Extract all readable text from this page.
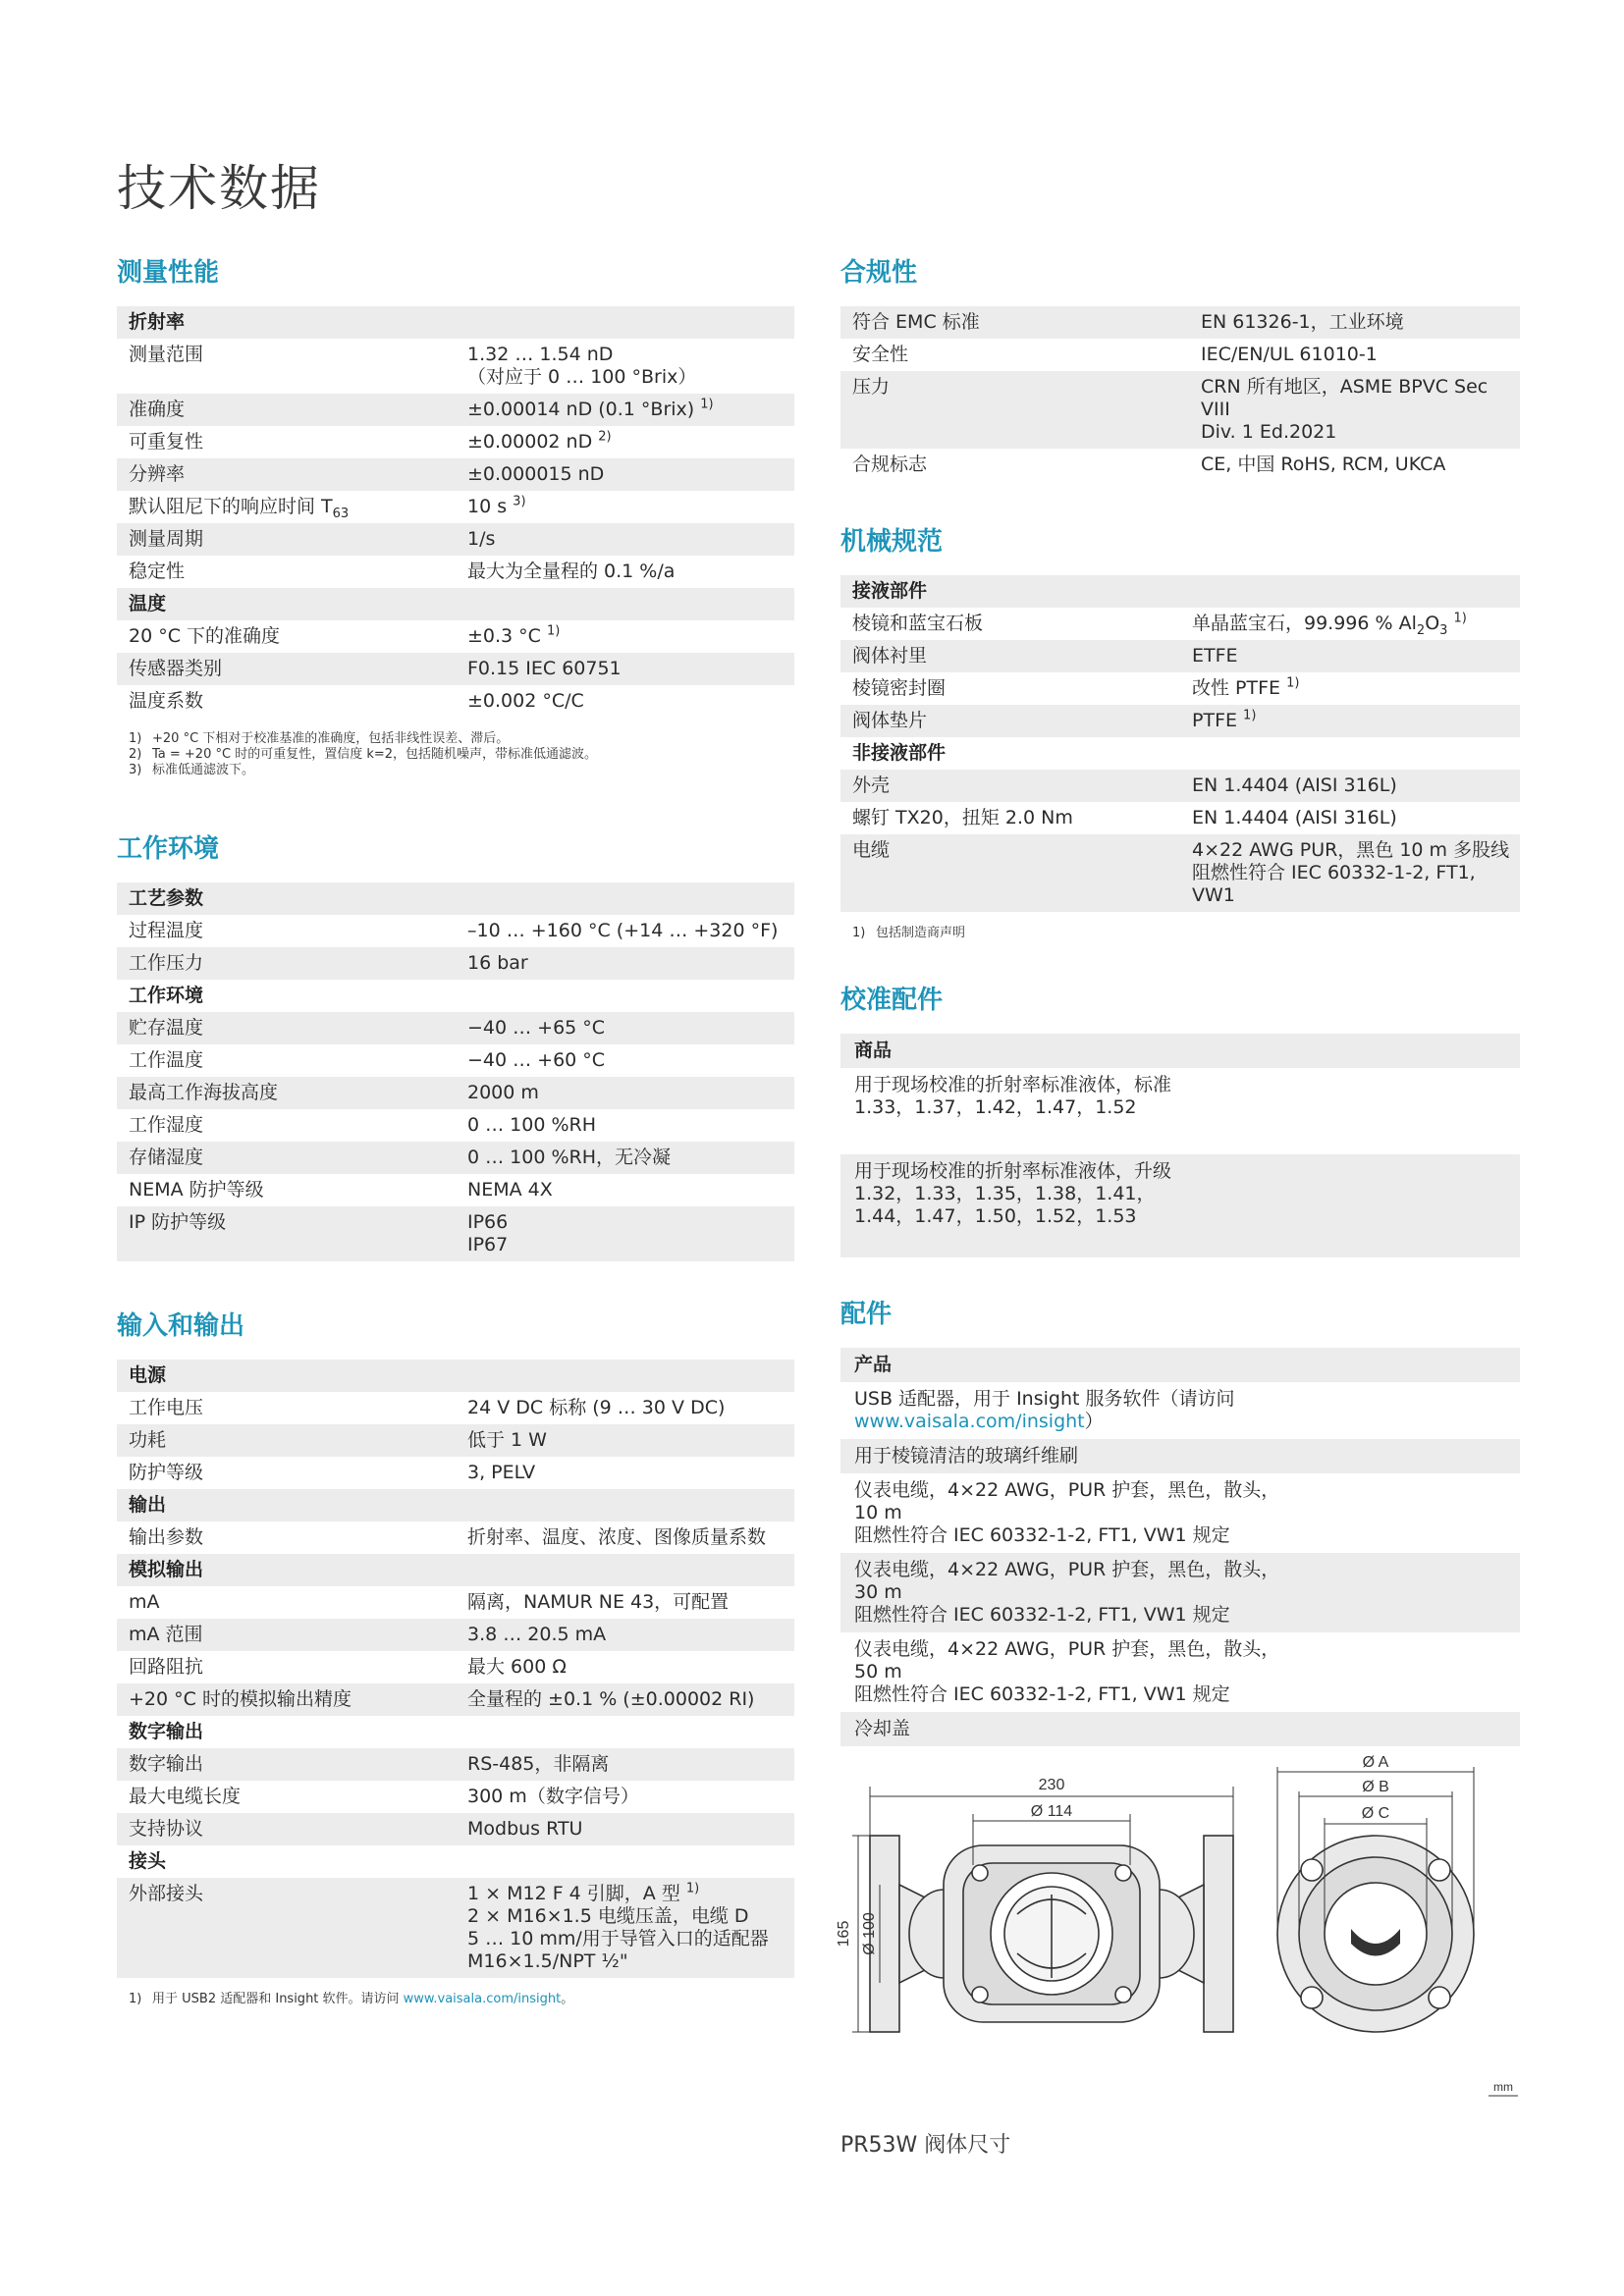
技术数据
测量性能
折射率	
测量范围	1.32 … 1.54 nD
（对应于 0 … 100 °Brix）

准确度	±0.00014 nD (0.1 °Brix) $^{1)}$

可重复性	±0.00002 nD $^{2)}$

分辨率	±0.000015 nD

默认阻尼下的响应时间 $T_{63}$	10 s $^{3)}$

测量周期	1/s

稳定性	最大为全量程的 0.1 %/a

温度	
20 °C 下的准确度	±0.3 °C $^{1)}$

传感器类别	F0.15 IEC 60751

温度系数	±0.002 °C/C
1) +20 °C 下相对于校准基准的准确度，包括非线性误差、滞后。
2) Ta = +20 °C 时的可重复性，置信度 k=2，包括随机噪声，带标准低通滤波。
3) 标准低通滤波下。
工作环境
工艺参数	
过程温度	–10 … +160 °C (+14 … +320 °F)

工作压力	16 bar

工作环境	
贮存温度	−40 … +65 °C

工作温度	−40 … +60 °C

最高工作海拔高度	2000 m

工作湿度	0 … 100 %RH

存储湿度	0 … 100 %RH，无冷凝

NEMA 防护等级	NEMA 4X

IP 防护等级	IP66
IP67
输入和输出
电源	
工作电压	24 V DC 标称 (9 … 30 V DC)

功耗	低于 1 W

防护等级	3, PELV

输出	
输出参数	折射率、温度、浓度、图像质量系数

模拟输出	
mA	隔离，NAMUR NE 43，可配置

mA 范围	3.8 … 20.5 mA

回路阻抗	最大 600 Ω

+20 °C 时的模拟输出精度	全量程的 ±0.1 % (±0.00002 RI)

数字输出	
数字输出	RS-485，非隔离

最大电缆长度	300 m（数字信号）

支持协议	Modbus RTU

接头	
外部接头	1 × M12 F 4 引脚，A 型 $^{1)}$
2 × M16×1.5 电缆压盖，电缆 D
5 … 10 mm/用于导管入口的适配器
M16×1.5/NPT ½"
1) 用于 USB2 适配器和 Insight 软件。请访问 www.vaisala.com/insight。
合规性
符合 EMC 标准	EN 61326-1，工业环境

安全性	IEC/EN/UL 61010-1

压力	CRN 所有地区，ASME BPVC Sec VIII
Div. 1 Ed.2021

合规标志	CE, 中国 RoHS, RCM, UKCA
机械规范
接液部件	
棱镜和蓝宝石板	单晶蓝宝石，99.996 % $Al_2O_3$ $^{1)}$

阀体衬里	ETFE

棱镜密封圈	改性 PTFE $^{1)}$

阀体垫片	PTFE $^{1)}$

非接液部件	
外壳	EN 1.4404 (AISI 316L)

螺钉 TX20，扭矩 2.0 Nm	EN 1.4404 (AISI 316L)

电缆	4×22 AWG PUR，黑色 10 m 多股线
阻燃性符合 IEC 60332-1-2, FT1, VW1
1) 包括制造商声明
校准配件
商品

用于现场校准的折射率标准液体，标准
1.33，1.37，1.42，1.47，1.52

用于现场校准的折射率标准液体，升级
1.32，1.33，1.35，1.38，1.41，
1.44，1.47，1.50，1.52，1.53
配件
产品

USB 适配器，用于 Insight 服务软件（请访问
www.vaisala.com/insight）

用于棱镜清洁的玻璃纤维刷

仪表电缆，4×22 AWG，PUR 护套，黑色，散头，
10 m
阻燃性符合 IEC 60332-1-2, FT1, VW1 规定

仪表电缆，4×22 AWG，PUR 护套，黑色，散头，
30 m
阻燃性符合 IEC 60332-1-2, FT1, VW1 规定

仪表电缆，4×22 AWG，PUR 护套，黑色，散头，
50 m
阻燃性符合 IEC 60332-1-2, FT1, VW1 规定

冷却盖
230
Ø 114
165 Ø 100
Ø A
Ø B
Ø C
mm
PR53W 阀体尺寸
